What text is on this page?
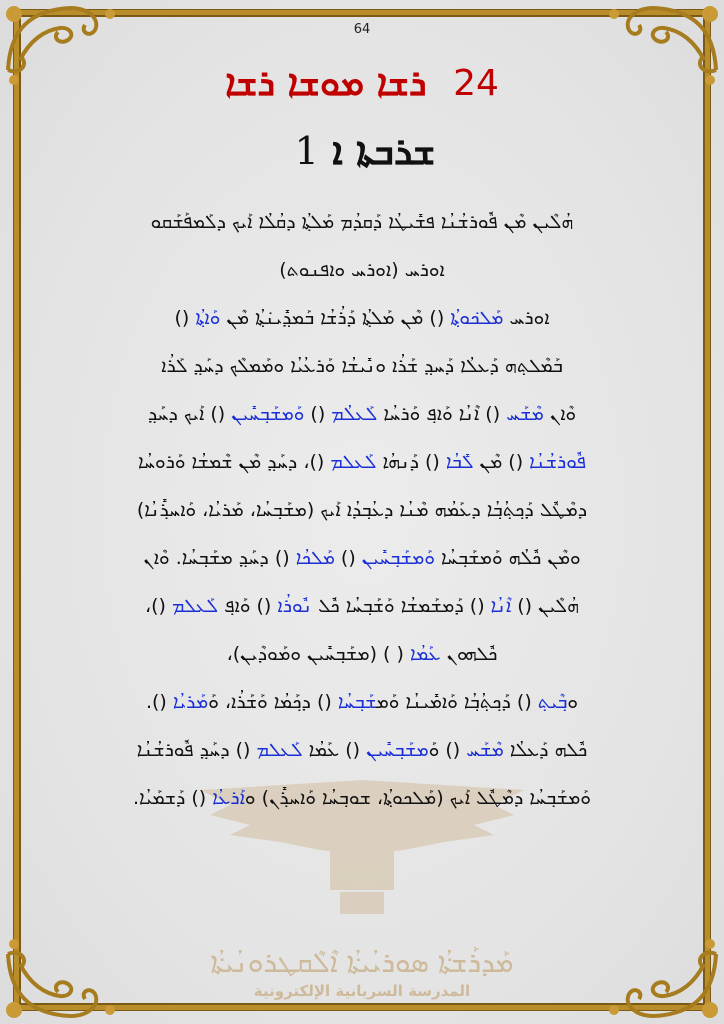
64
24 ܪܫܐ ܡܘܫܐ ܪܫܐ
ܫܪܒܬܐ ܐ 1
ܗܳܠܶܝܢ ܡܶܢ ܦܽܘܪܫܳܢܳܐ ܦܫܺܝܛܳܐ ܕܰܩܕܳܡ ܡܰܠܬ݂ܳܐ ܕܩܳܠܳܐ ܐܰܝܟ ܕܠܰܡܦܰܫܰܩܘ
ܐܘܪܚ (ܐܘܪܚ ܘܐܦܢܘܬ)
ܐܘܪܚ ܡܰܠܟ݁ܘܬ݂ܳܐ () ܡܶܢ ܡܰܠܬ݂ܳܐ ܕܰܪܳܫܳܐ ܒܰܡܕ݂ܺܝܢ݁ܬ݂ܳܐ ܡܶܢ ܘܰܐܬ݂ܳܐ ()
ܒܰܡܶܠܬ݂ܗ ܕܰܥܠܳܐ ܕܰܚܕ݂ ܫܰܪܳܐ ܘܢܺܝܫܳܐ ܘܰܪܥܳܝܳܐ ܘܡܰܡܠܶܟ ܕܚܰܕ݂ ܠܰܪܳܐ
ܘܶܐܢ ܡܶܫܰܚ () ܐܶܢܳܐ ܘܰܐܦ݂ ܘܰܪܚܳܐ ܠܰܥܠܳܡ () ܘܰܡܫܰܒ݂ܚܺܝܢ () ܐܰܝܟ ܕܚܰܕ݂
ܦܽܘܪܫܳܢܳܐ () ܡܶܢ ܠܺܒܳܐ () ܕܰܢܗܳܐ ܠܰܥܠܡ ()، ܕܚܰܕ݂ ܡܶܢ ܫܶܡܫܳܐ ܘܰܪܘܚܳܐ
ܕܡܶܛܽܠ ܕܰܟ݂ܬ݂ܳܒ݂ܳܐ ܕܥܰܡܳܗ ܡܶܢܳܐ ܕܥܳܒ݂ܕܳܐ ܐܰܝܟ (ܡܫܰܒ݂ܚܳܐ، ܡܰܪܝܳܐ، ܘܰܐܚܪ݂ܺܢܳܐ)
ܘܡܶܢ ܟܽܠܳܗ ܘܰܡܫܰܒ݂ܚܳܐ ܘܰܡܫܰܒ݂ܚܺܝܢ () ܡܰܠܟܳܐ () ܕܚܰܕ݂ ܡܫܰܒ݂ܚܳܐ. ܘܶܐܢ
ܗܳܠܶܝܢ () ܐܶܢܳܐ () ܕܰܡܫܰܡܫܳܐ ܘܰܫܰܒ݂ܚܳܐ ܟܽܠ ܢܽܘܪܳܐ () ܘܰܐܦ݂ ܠܰܥܠܡ ()،
ܟܽܠܗܘܢ ܥܰܡܳܐ ( ) (ܡܫܰܒ݂ܚܺܝܢ ܘܡܰܘܕܶܝܢ)،
ܘܒ݂ܶܝܬ݂ () ܕܰܟ݂ܬ݂ܳܒ݂ܳܐ ܘܰܐܡܺܝܢܳܐ ܘܰܡܫܰܒ݂ܚܳܐ () ܕܟ݂ܰܡܳܐ ܘܰܫܰܪܳܐ، ܘܰܡܰܪܝܳܐ ().
ܟܽܠܗ ܕܰܥܠܳܐ ܡܶܫܰܚ () ܘܰܡܫܰܒ݂ܚܺܝܢ () ܥܰܡܳܐ ܠܰܥܠܡ () ܕܚܰܕ݂ ܦܽܘܪܫܳܢܳܐ
ܘܰܡܫܰܒ݂ܚܳܐ ܕܡܶܛܽܠ ܐܰܝܟ (ܡܰܠܟܘܬ݂ܳܐ، ܫܘܒ݂ܚܳܐ ܘܰܐܚܪ݂ܺܢ) ܘܐܰܪܥܳܐ () ܕܰܫܡܰܝܳܐ.
ܡܰܕܪܰܫܬ݁ܳܐ ܣܘܪܝܳܝܬ݁ܳܐ ܐܶܠܶܩܛܪܘܢܳܝܬ݁ܳܐ
المدرسة السريانية الإلكترونية
